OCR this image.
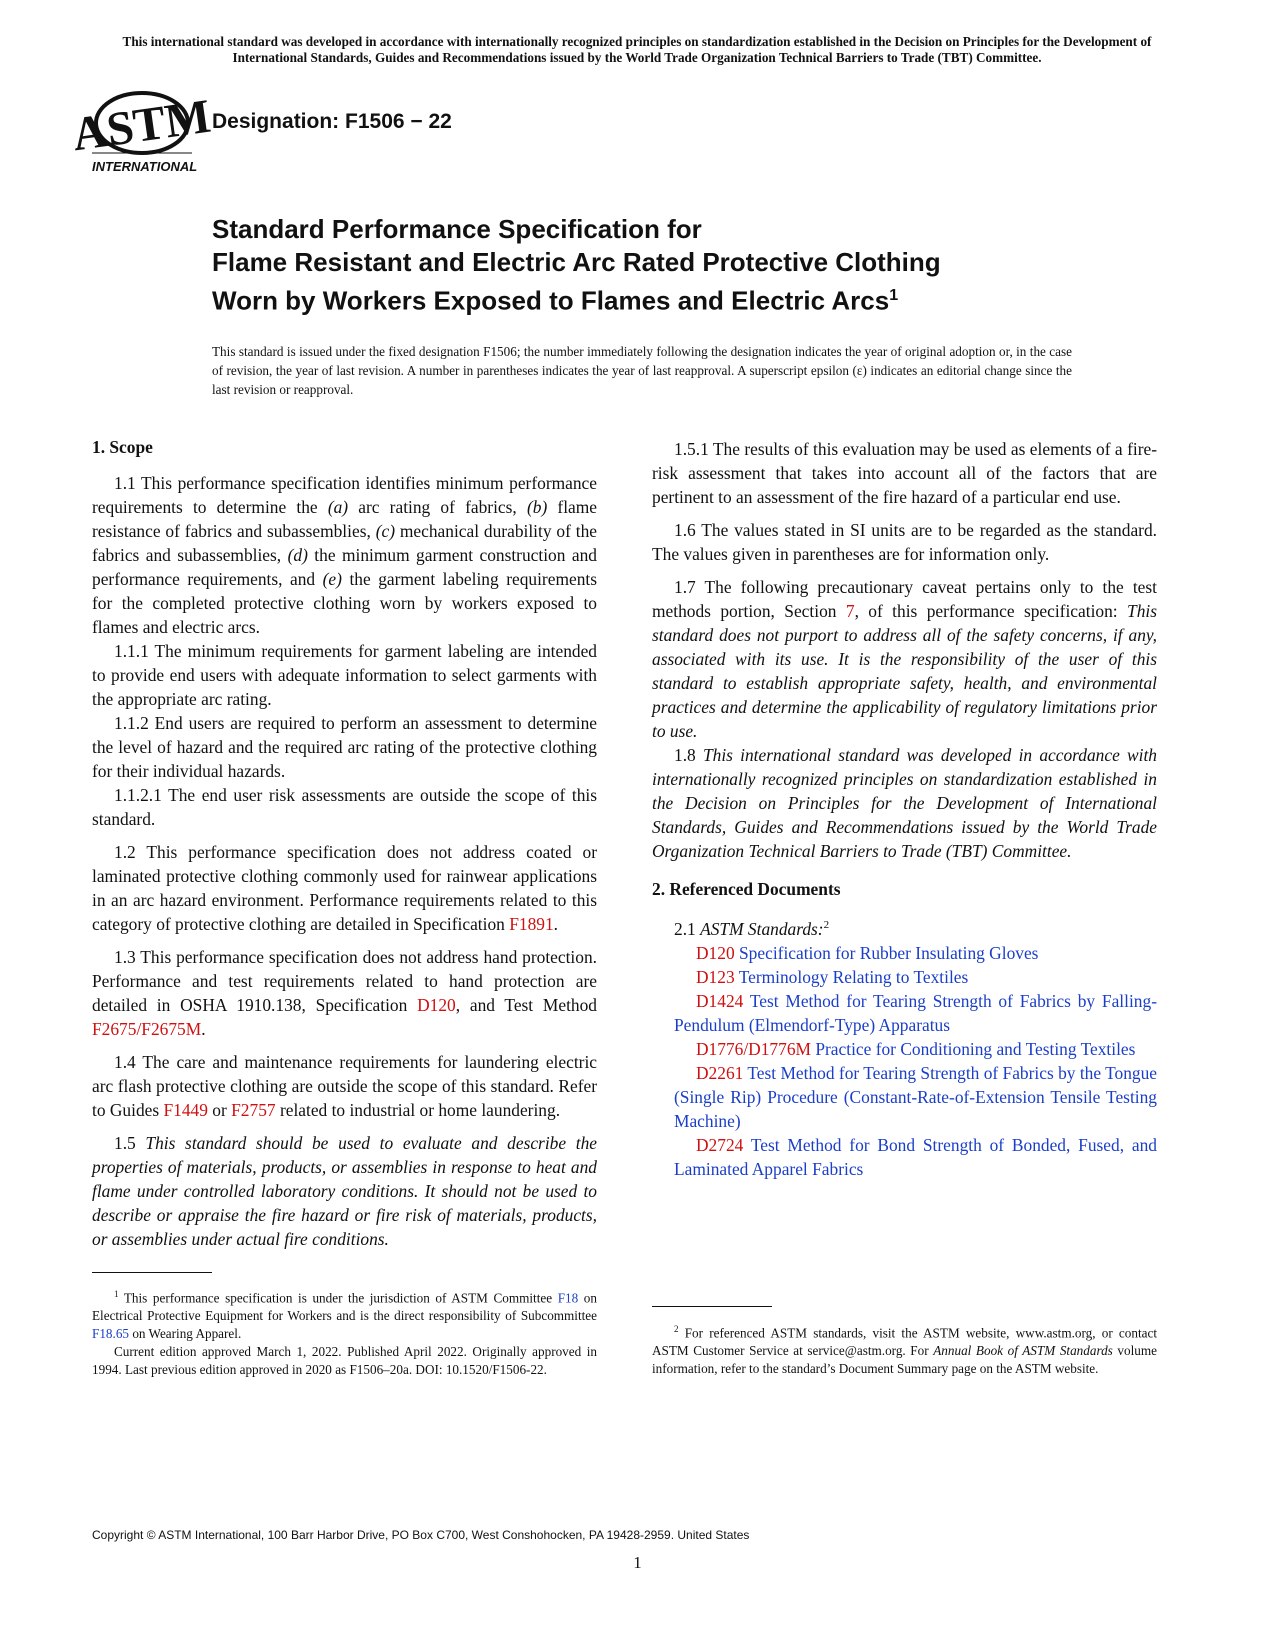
This international standard was developed in accordance with internationally recognized principles on standardization established in the Decision on Principles for the Development of International Standards, Guides and Recommendations issued by the World Trade Organization Technical Barriers to Trade (TBT) Committee.
ASTM
INTERNATIONAL
Designation: F1506 − 22
Standard Performance Specification for
Flame Resistant and Electric Arc Rated Protective Clothing
Worn by Workers Exposed to Flames and Electric Arcs$^1$
This standard is issued under the fixed designation F1506; the number immediately following the designation indicates the year of original adoption or, in the case of revision, the year of last revision. A number in parentheses indicates the year of last reapproval. A superscript epsilon (ε) indicates an editorial change since the last revision or reapproval.
1. Scope

1.1 This performance specification identifies minimum performance requirements to determine the (a) arc rating of fabrics, (b) flame resistance of fabrics and subassemblies, (c) mechanical durability of the fabrics and subassemblies, (d) the minimum garment construction and performance requirements, and (e) the garment labeling requirements for the completed protective clothing worn by workers exposed to flames and electric arcs.

1.1.1 The minimum requirements for garment labeling are intended to provide end users with adequate information to select garments with the appropriate arc rating.

1.1.2 End users are required to perform an assessment to determine the level of hazard and the required arc rating of the protective clothing for their individual hazards.

1.1.2.1 The end user risk assessments are outside the scope of this standard.

1.2 This performance specification does not address coated or laminated protective clothing commonly used for rainwear applications in an arc hazard environment. Performance requirements related to this category of protective clothing are detailed in Specification F1891.

1.3 This performance specification does not address hand protection. Performance and test requirements related to hand protection are detailed in OSHA 1910.138, Specification D120, and Test Method F2675/F2675M.

1.4 The care and maintenance requirements for laundering electric arc flash protective clothing are outside the scope of this standard. Refer to Guides F1449 or F2757 related to industrial or home laundering.

1.5 This standard should be used to evaluate and describe the properties of materials, products, or assemblies in response to heat and flame under controlled laboratory conditions. It should not be used to describe or appraise the fire hazard or fire risk of materials, products, or assemblies under actual fire conditions.

1.5.1 The results of this evaluation may be used as elements of a fire-risk assessment that takes into account all of the factors that are pertinent to an assessment of the fire hazard of a particular end use.

1.6 The values stated in SI units are to be regarded as the standard. The values given in parentheses are for information only.

1.7 The following precautionary caveat pertains only to the test methods portion, Section 7, of this performance specification: This standard does not purport to address all of the safety concerns, if any, associated with its use. It is the responsibility of the user of this standard to establish appropriate safety, health, and environmental practices and determine the applicability of regulatory limitations prior to use.

1.8 This international standard was developed in accordance with internationally recognized principles on standardization established in the Decision on Principles for the Development of International Standards, Guides and Recommendations issued by the World Trade Organization Technical Barriers to Trade (TBT) Committee.

2. Referenced Documents

2.1 ASTM Standards:$^2$

D120 Specification for Rubber Insulating Gloves

D123 Terminology Relating to Textiles

D1424 Test Method for Tearing Strength of Fabrics by Falling-Pendulum (Elmendorf-Type) Apparatus

D1776/D1776M Practice for Conditioning and Testing Textiles

D2261 Test Method for Tearing Strength of Fabrics by the Tongue (Single Rip) Procedure (Constant-Rate-of-Extension Tensile Testing Machine)

D2724 Test Method for Bond Strength of Bonded, Fused, and Laminated Apparel Fabrics

$^1$ This performance specification is under the jurisdiction of ASTM Committee F18 on Electrical Protective Equipment for Workers and is the direct responsibility of Subcommittee F18.65 on Wearing Apparel.

Current edition approved March 1, 2022. Published April 2022. Originally approved in 1994. Last previous edition approved in 2020 as F1506–20a. DOI: 10.1520/F1506-22.

$^2$ For referenced ASTM standards, visit the ASTM website, www.astm.org, or contact ASTM Customer Service at service@astm.org. For Annual Book of ASTM Standards volume information, refer to the standard’s Document Summary page on the ASTM website.

Copyright © ASTM International, 100 Barr Harbor Drive, PO Box C700, West Conshohocken, PA 19428-2959. United States
1
